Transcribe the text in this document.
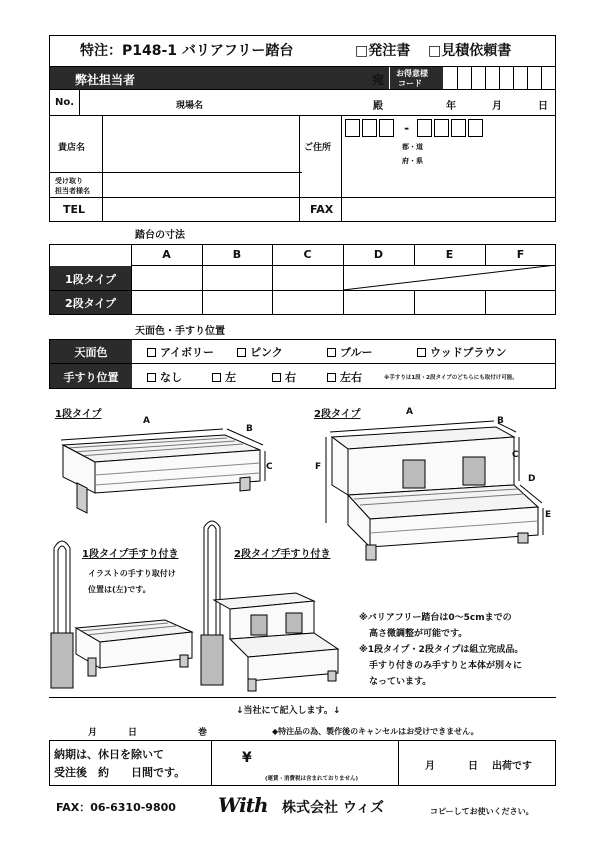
特注：P148-1 バリアフリー踏台	□発注書 □見積依頼書
弊社担当者	宛 お得意様
コード
No.	現場名	殿	年	月	日
貴店名	ご住所
-
都・道
府・県
受け取り
担当者様名
TEL	FAX
踏台の寸法
A	B	C	D	E	F
1段タイプ
2段タイプ
天面色・手すり位置
天面色
手すり位置
アイボリー	ピンク	ブルー	ウッドブラウン
なし	左	右	左右	※手すりは1段・2段タイプのどちらにも取付け可能。
1段タイプ	2段タイプ
A
B
C
A
B
C
D
E
F
1段タイプ手すり付き
イラストの手すり取付け
位置は(左)です。
2段タイプ手すり付き
※バリアフリー踏台は0～5cmまでの
高さ微調整が可能です。
※1段タイプ・2段タイプは組立完成品。
手すり付きのみ手すりと本体が別々に
なっています。
↓当社にて記入します。↓
月	日	巻	◆特注品の為、製作後のキャンセルはお受けできません。
納期は、休日を除いて
受注後　約　　日間です。
¥
(運賃・消費税は含まれておりません)
月	日 出荷です
FAX：06-6310-9800 With 株式会社 ウィズ	コピーしてお使いください。
